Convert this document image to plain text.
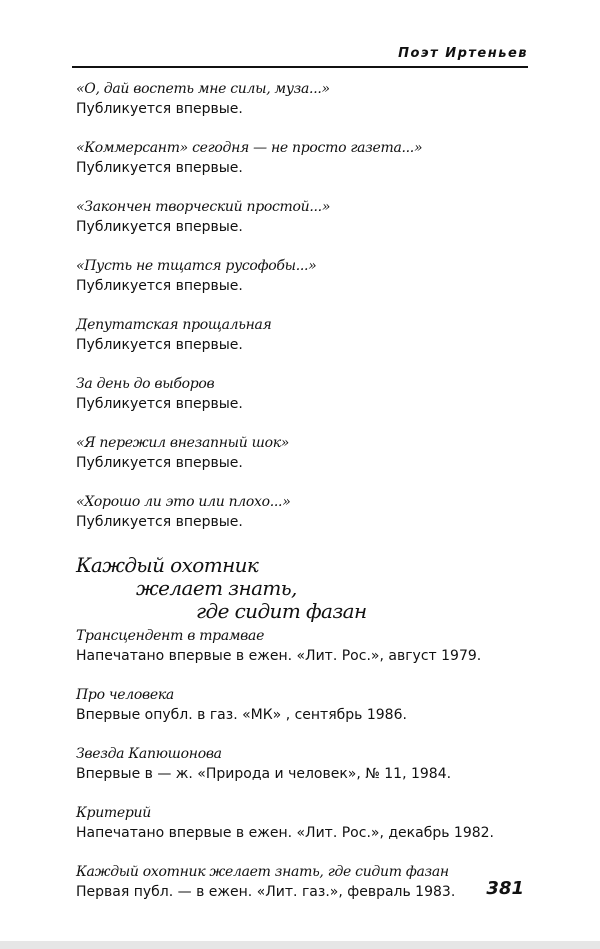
Поэт Иртеньев
«О, дай воспеть мне силы, муза...»
Публикуется впервые.
«Коммерсант» сегодня — не просто газета...»
Публикуется впервые.
«Закончен творческий простой...»
Публикуется впервые.
«Пусть не тщатся русофобы...»
Публикуется впервые.
Депутатская прощальная
Публикуется впервые.
За день до выборов
Публикуется впервые.
«Я пережил внезапный шок»
Публикуется впервые.
«Хорошо ли это или плохо...»
Публикуется впервые.
Каждый охотник
желает знать,
где сидит фазан
Трансцендент в трамвае
Напечатано впервые в ежен. «Лит. Рос.», август 1979.
Про человека
Впервые опубл. в газ. «МК» , сентябрь 1986.
Звезда Капюшонова
Впервые в — ж. «Природа и человек», № 11, 1984.
Критерий
Напечатано впервые в ежен. «Лит. Рос.», декабрь 1982.
Каждый охотник желает знать, где сидит фазан
Первая публ. — в ежен. «Лит. газ.», февраль 1983.	381
